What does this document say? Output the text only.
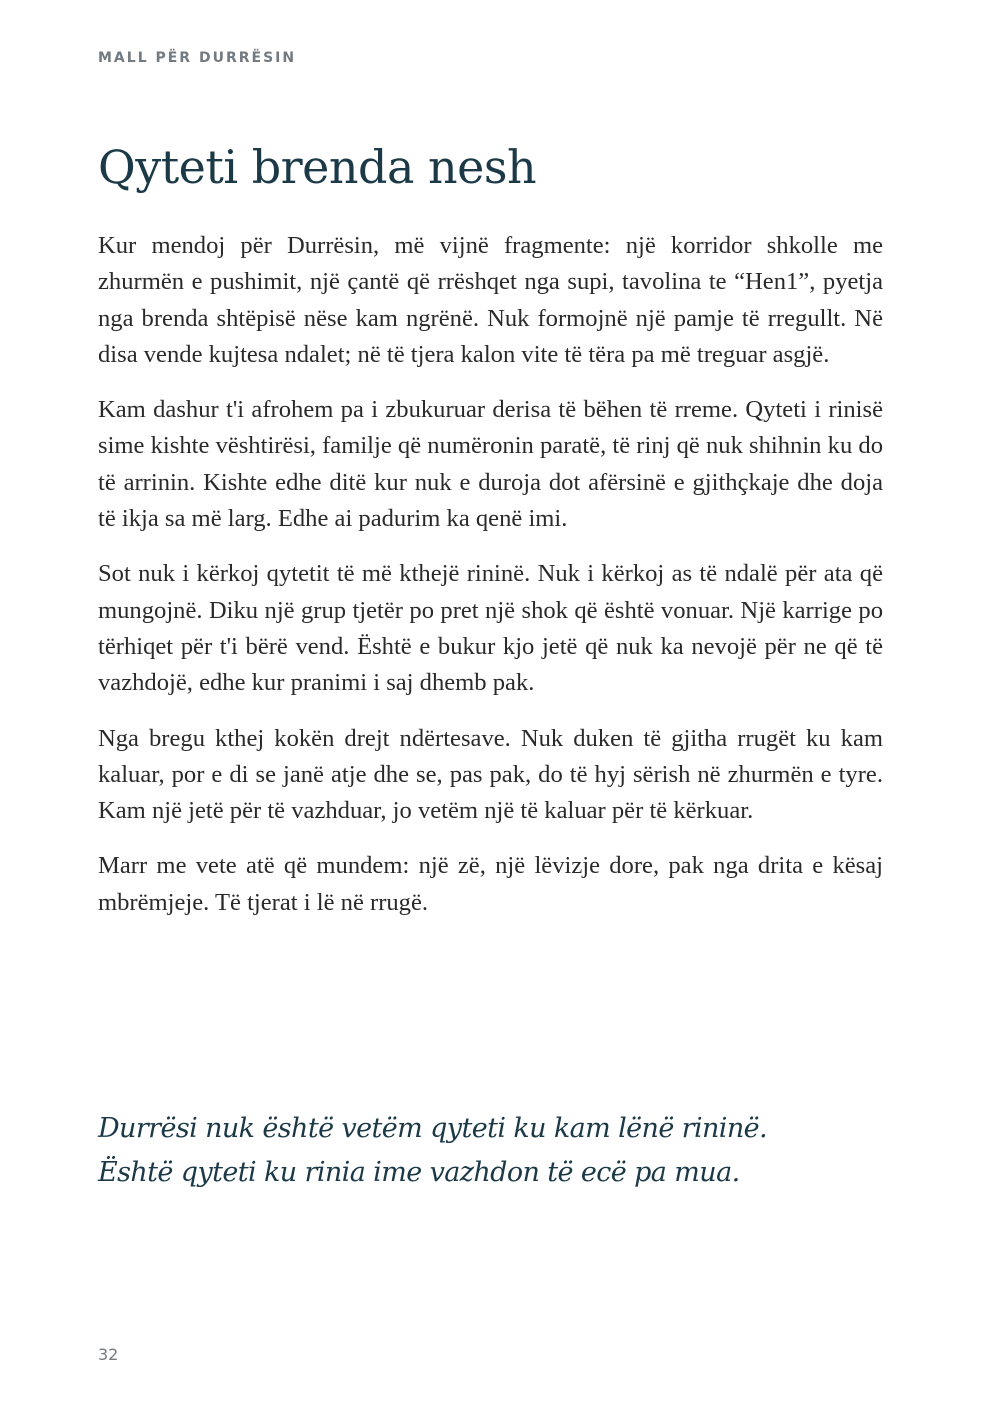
MALL PËR DURRËSIN
Qyteti brenda nesh

Kur mendoj për Durrësin, më vijnë fragmente: një korridor shkolle me zhurmën e pushimit, një çantë që rrëshqet nga supi, tavolina te “Hen1”, pyetja nga brenda shtëpisë nëse kam ngrënë. Nuk formojnë një pamje të rregullt. Në disa vende kujtesa ndalet; në të tjera kalon vite të tëra pa më treguar asgjë.

Kam dashur t'i afrohem pa i zbukuruar derisa të bëhen të rreme. Qyteti i rinisë sime kishte vështirësi, familje që numëronin paratë, të rinj që nuk shihnin ku do të arrinin. Kishte edhe ditë kur nuk e duroja dot afërsinë e gjithçkaje dhe doja të ikja sa më larg. Edhe ai padurim ka qenë imi.

Sot nuk i kërkoj qytetit të më kthejë rininë. Nuk i kërkoj as të ndalë për ata që mungojnë. Diku një grup tjetër po pret një shok që është vonuar. Një karrige po tërhiqet për t'i bërë vend. Është e bukur kjo jetë që nuk ka nevojë për ne që të vazhdojë, edhe kur pranimi i saj dhemb pak.

Nga bregu kthej kokën drejt ndërtesave. Nuk duken të gjitha rrugët ku kam kaluar, por e di se janë atje dhe se, pas pak, do të hyj sërish në zhurmën e tyre. Kam një jetë për të vazhduar, jo vetëm një të kaluar për të kërkuar.

Marr me vete atë që mundem: një zë, një lëvizje dore, pak nga drita e kësaj mbrëmjeje. Të tjerat i lë në rrugë.

Durrësi nuk është vetëm qyteti ku kam lënë rininë.
Është qyteti ku rinia ime vazhdon të ecë pa mua.
32
